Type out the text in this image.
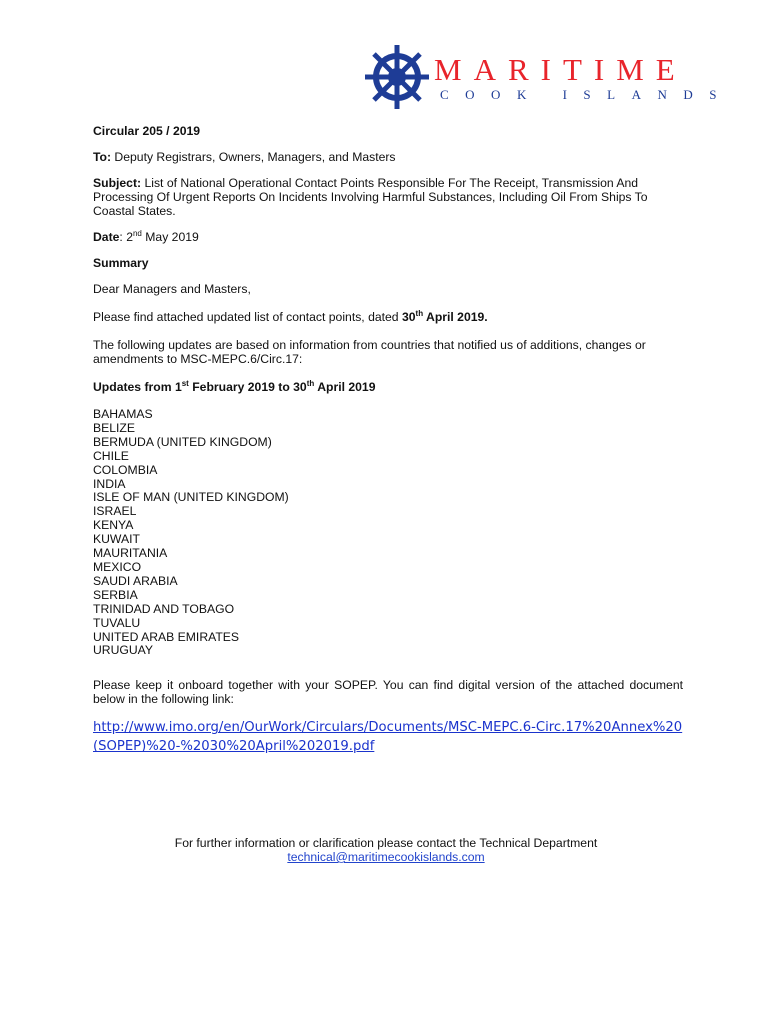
MARITIME
COOK ISLANDS

Circular 205 / 2019

To: Deputy Registrars, Owners, Managers, and Masters

Subject: List of National Operational Contact Points Responsible For The Receipt, Transmission And Processing Of Urgent Reports On Incidents Involving Harmful Substances, Including Oil From Ships To Coastal States.

Date: 2nd May 2019

Summary

Dear Managers and Masters,

Please find attached updated list of contact points, dated 30th April 2019.

The following updates are based on information from countries that notified us of additions, changes or amendments to MSC-MEPC.6/Circ.17:

Updates from 1st February 2019 to 30th April 2019

BAHAMAS
BELIZE
BERMUDA (UNITED KINGDOM)
CHILE
COLOMBIA
INDIA
ISLE OF MAN (UNITED KINGDOM)
ISRAEL
KENYA
KUWAIT
MAURITANIA
MEXICO
SAUDI ARABIA
SERBIA
TRINIDAD AND TOBAGO
TUVALU
UNITED ARAB EMIRATES
URUGUAY

Please keep it onboard together with your SOPEP. You can find digital version of the attached document below in the following link:

http://www.imo.org/en/OurWork/Circulars/Documents/MSC-MEPC.6-Circ.17%20Annex%20(SOPEP)%20-%2030%20April%202019.pdf
For further information or clarification please contact the Technical Department
technical@maritimecookislands.com
